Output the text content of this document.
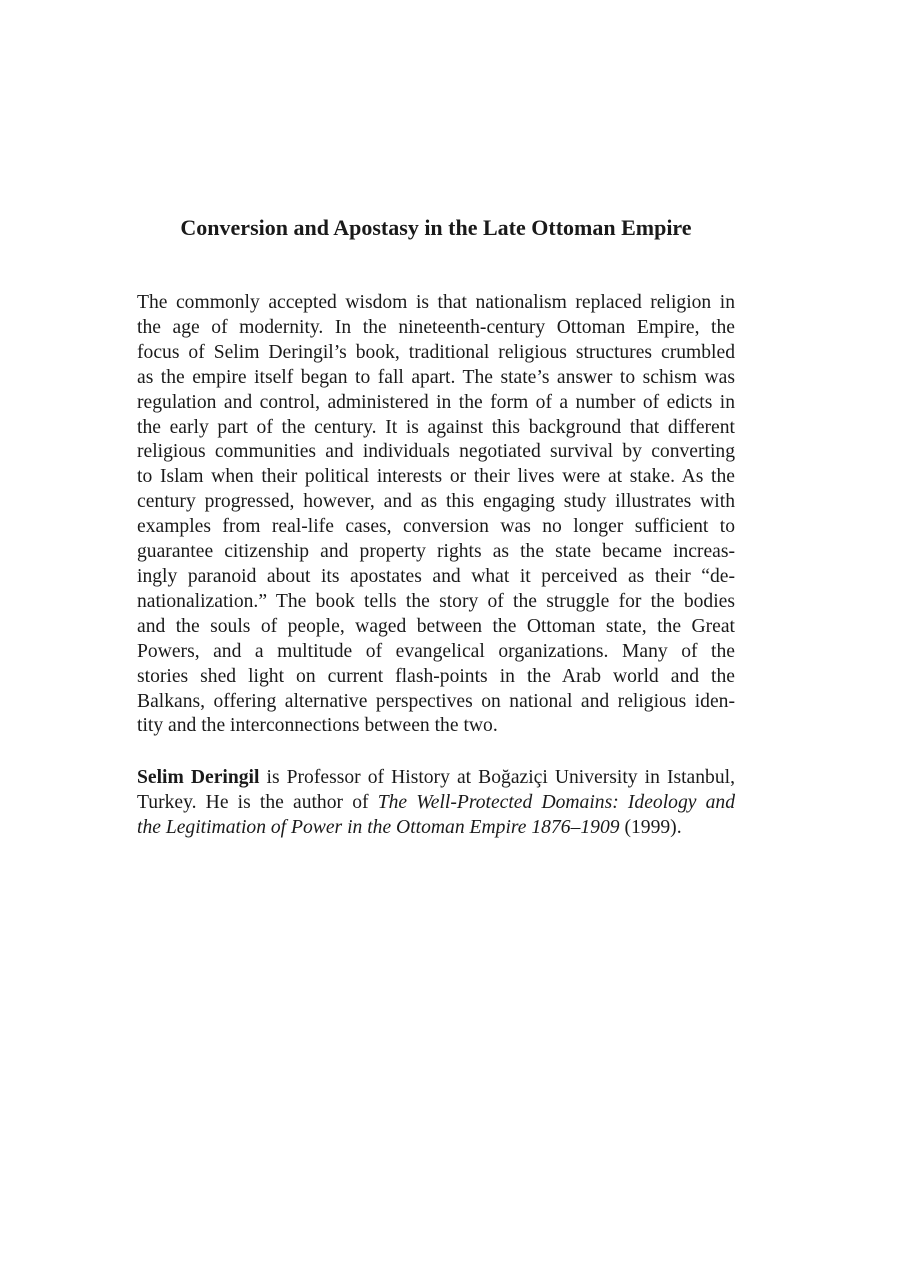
Conversion and Apostasy in the Late Ottoman Empire
The commonly accepted wisdom is that nationalism replaced religion in
the age of modernity. In the nineteenth-century Ottoman Empire, the
focus of Selim Deringil’s book, traditional religious structures crumbled
as the empire itself began to fall apart. The state’s answer to schism was
regulation and control, administered in the form of a number of edicts in
the early part of the century. It is against this background that different
religious communities and individuals negotiated survival by converting
to Islam when their political interests or their lives were at stake. As the
century progressed, however, and as this engaging study illustrates with
examples from real-life cases, conversion was no longer sufficient to
guarantee citizenship and property rights as the state became increas-
ingly paranoid about its apostates and what it perceived as their “de-
nationalization.” The book tells the story of the struggle for the bodies
and the souls of people, waged between the Ottoman state, the Great
Powers, and a multitude of evangelical organizations. Many of the
stories shed light on current flash-points in the Arab world and the
Balkans, offering alternative perspectives on national and religious iden-
tity and the interconnections between the two.
Selim Deringil is Professor of History at Boğaziçi University in Istanbul,
Turkey. He is the author of The Well-Protected Domains: Ideology and
the Legitimation of Power in the Ottoman Empire 1876–1909 (1999).
